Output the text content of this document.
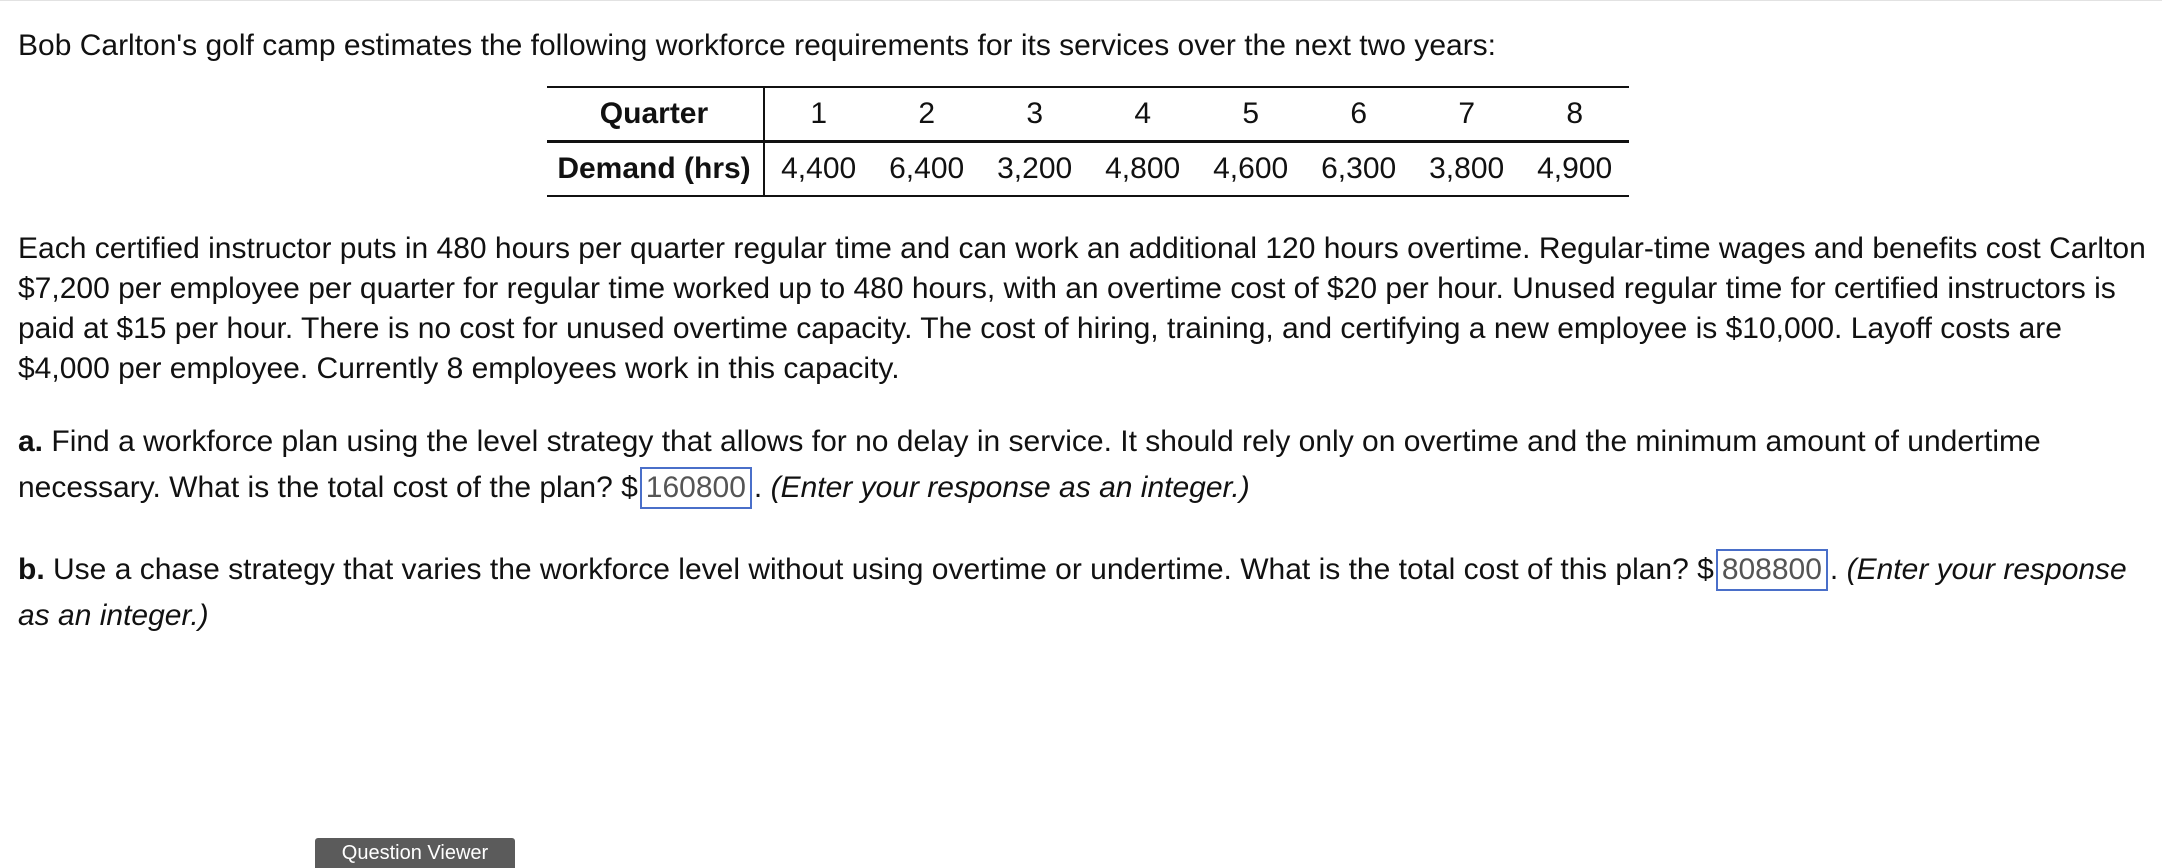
Bob Carlton's golf camp estimates the following workforce requirements for its services over the next two years:

Quarter	1	2	3	4	5	6	7	8
Demand (hrs)	4,400	6,400	3,200	4,800	4,600	6,300	3,800	4,900

Each certified instructor puts in 480 hours per quarter regular time and can work an additional 120 hours overtime. Regular-time wages and benefits cost Carlton $7,200 per employee per quarter for regular time worked up to 480 hours, with an overtime cost of $20 per hour. Unused regular time for certified instructors is paid at $15 per hour. There is no cost for unused overtime capacity. The cost of hiring, training, and certifying a new employee is $10,000. Layoff costs are $4,000 per employee. Currently 8 employees work in this capacity.

a. Find a workforce plan using the level strategy that allows for no delay in service. It should rely only on overtime and the minimum amount of undertime necessary. What is the total cost of the plan? $ 160800 . (Enter your response as an integer.)

b. Use a chase strategy that varies the workforce level without using overtime or undertime. What is the total cost of this plan? $ 808800 . (Enter your response as an integer.)

Question Viewer
